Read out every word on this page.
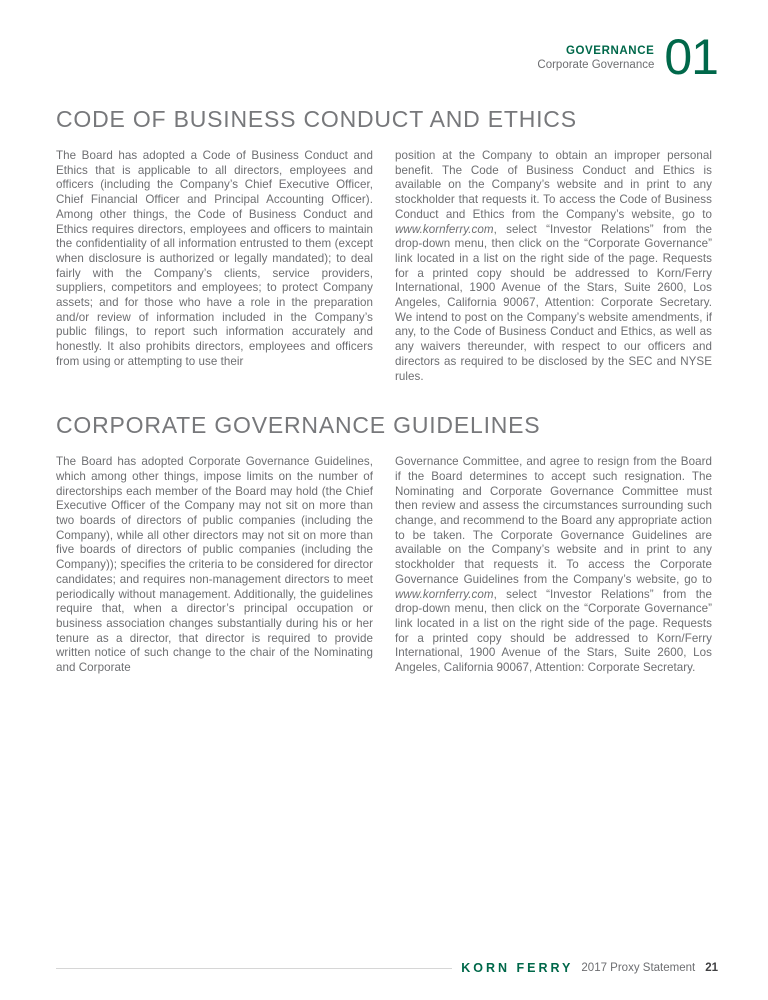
GOVERNANCE
Corporate Governance 01
CODE OF BUSINESS CONDUCT AND ETHICS

The Board has adopted a Code of Business Conduct and Ethics that is applicable to all directors, employees and officers (including the Company’s Chief Executive Officer, Chief Financial Officer and Principal Accounting Officer). Among other things, the Code of Business Conduct and Ethics requires directors, employees and officers to maintain the confidentiality of all information entrusted to them (except when disclosure is authorized or legally mandated); to deal fairly with the Company’s clients, service providers, suppliers, competitors and employees; to protect Company assets; and for those who have a role in the preparation and/or review of information included in the Company’s public filings, to report such information accurately and honestly. It also prohibits directors, employees and officers from using or attempting to use their

position at the Company to obtain an improper personal benefit. The Code of Business Conduct and Ethics is available on the Company’s website and in print to any stockholder that requests it. To access the Code of Business Conduct and Ethics from the Company’s website, go to www.kornferry.com, select “Investor Relations” from the drop-down menu, then click on the “Corporate Governance” link located in a list on the right side of the page. Requests for a printed copy should be addressed to Korn/Ferry International, 1900 Avenue of the Stars, Suite 2600, Los Angeles, California 90067, Attention: Corporate Secretary. We intend to post on the Company’s website amendments, if any, to the Code of Business Conduct and Ethics, as well as any waivers thereunder, with respect to our officers and directors as required to be disclosed by the SEC and NYSE rules.

CORPORATE GOVERNANCE GUIDELINES

The Board has adopted Corporate Governance Guidelines, which among other things, impose limits on the number of directorships each member of the Board may hold (the Chief Executive Officer of the Company may not sit on more than two boards of directors of public companies (including the Company), while all other directors may not sit on more than five boards of directors of public companies (including the Company)); specifies the criteria to be considered for director candidates; and requires non-management directors to meet periodically without management. Additionally, the guidelines require that, when a director’s principal occupation or business association changes substantially during his or her tenure as a director, that director is required to provide written notice of such change to the chair of the Nominating and Corporate

Governance Committee, and agree to resign from the Board if the Board determines to accept such resignation. The Nominating and Corporate Governance Committee must then review and assess the circumstances surrounding such change, and recommend to the Board any appropriate action to be taken. The Corporate Governance Guidelines are available on the Company’s website and in print to any stockholder that requests it. To access the Corporate Governance Guidelines from the Company’s website, go to www.kornferry.com, select “Investor Relations” from the drop-down menu, then click on the “Corporate Governance” link located in a list on the right side of the page. Requests for a printed copy should be addressed to Korn/Ferry International, 1900 Avenue of the Stars, Suite 2600, Los Angeles, California 90067, Attention: Corporate Secretary.

KORN FERRY 2017 Proxy Statement 21
